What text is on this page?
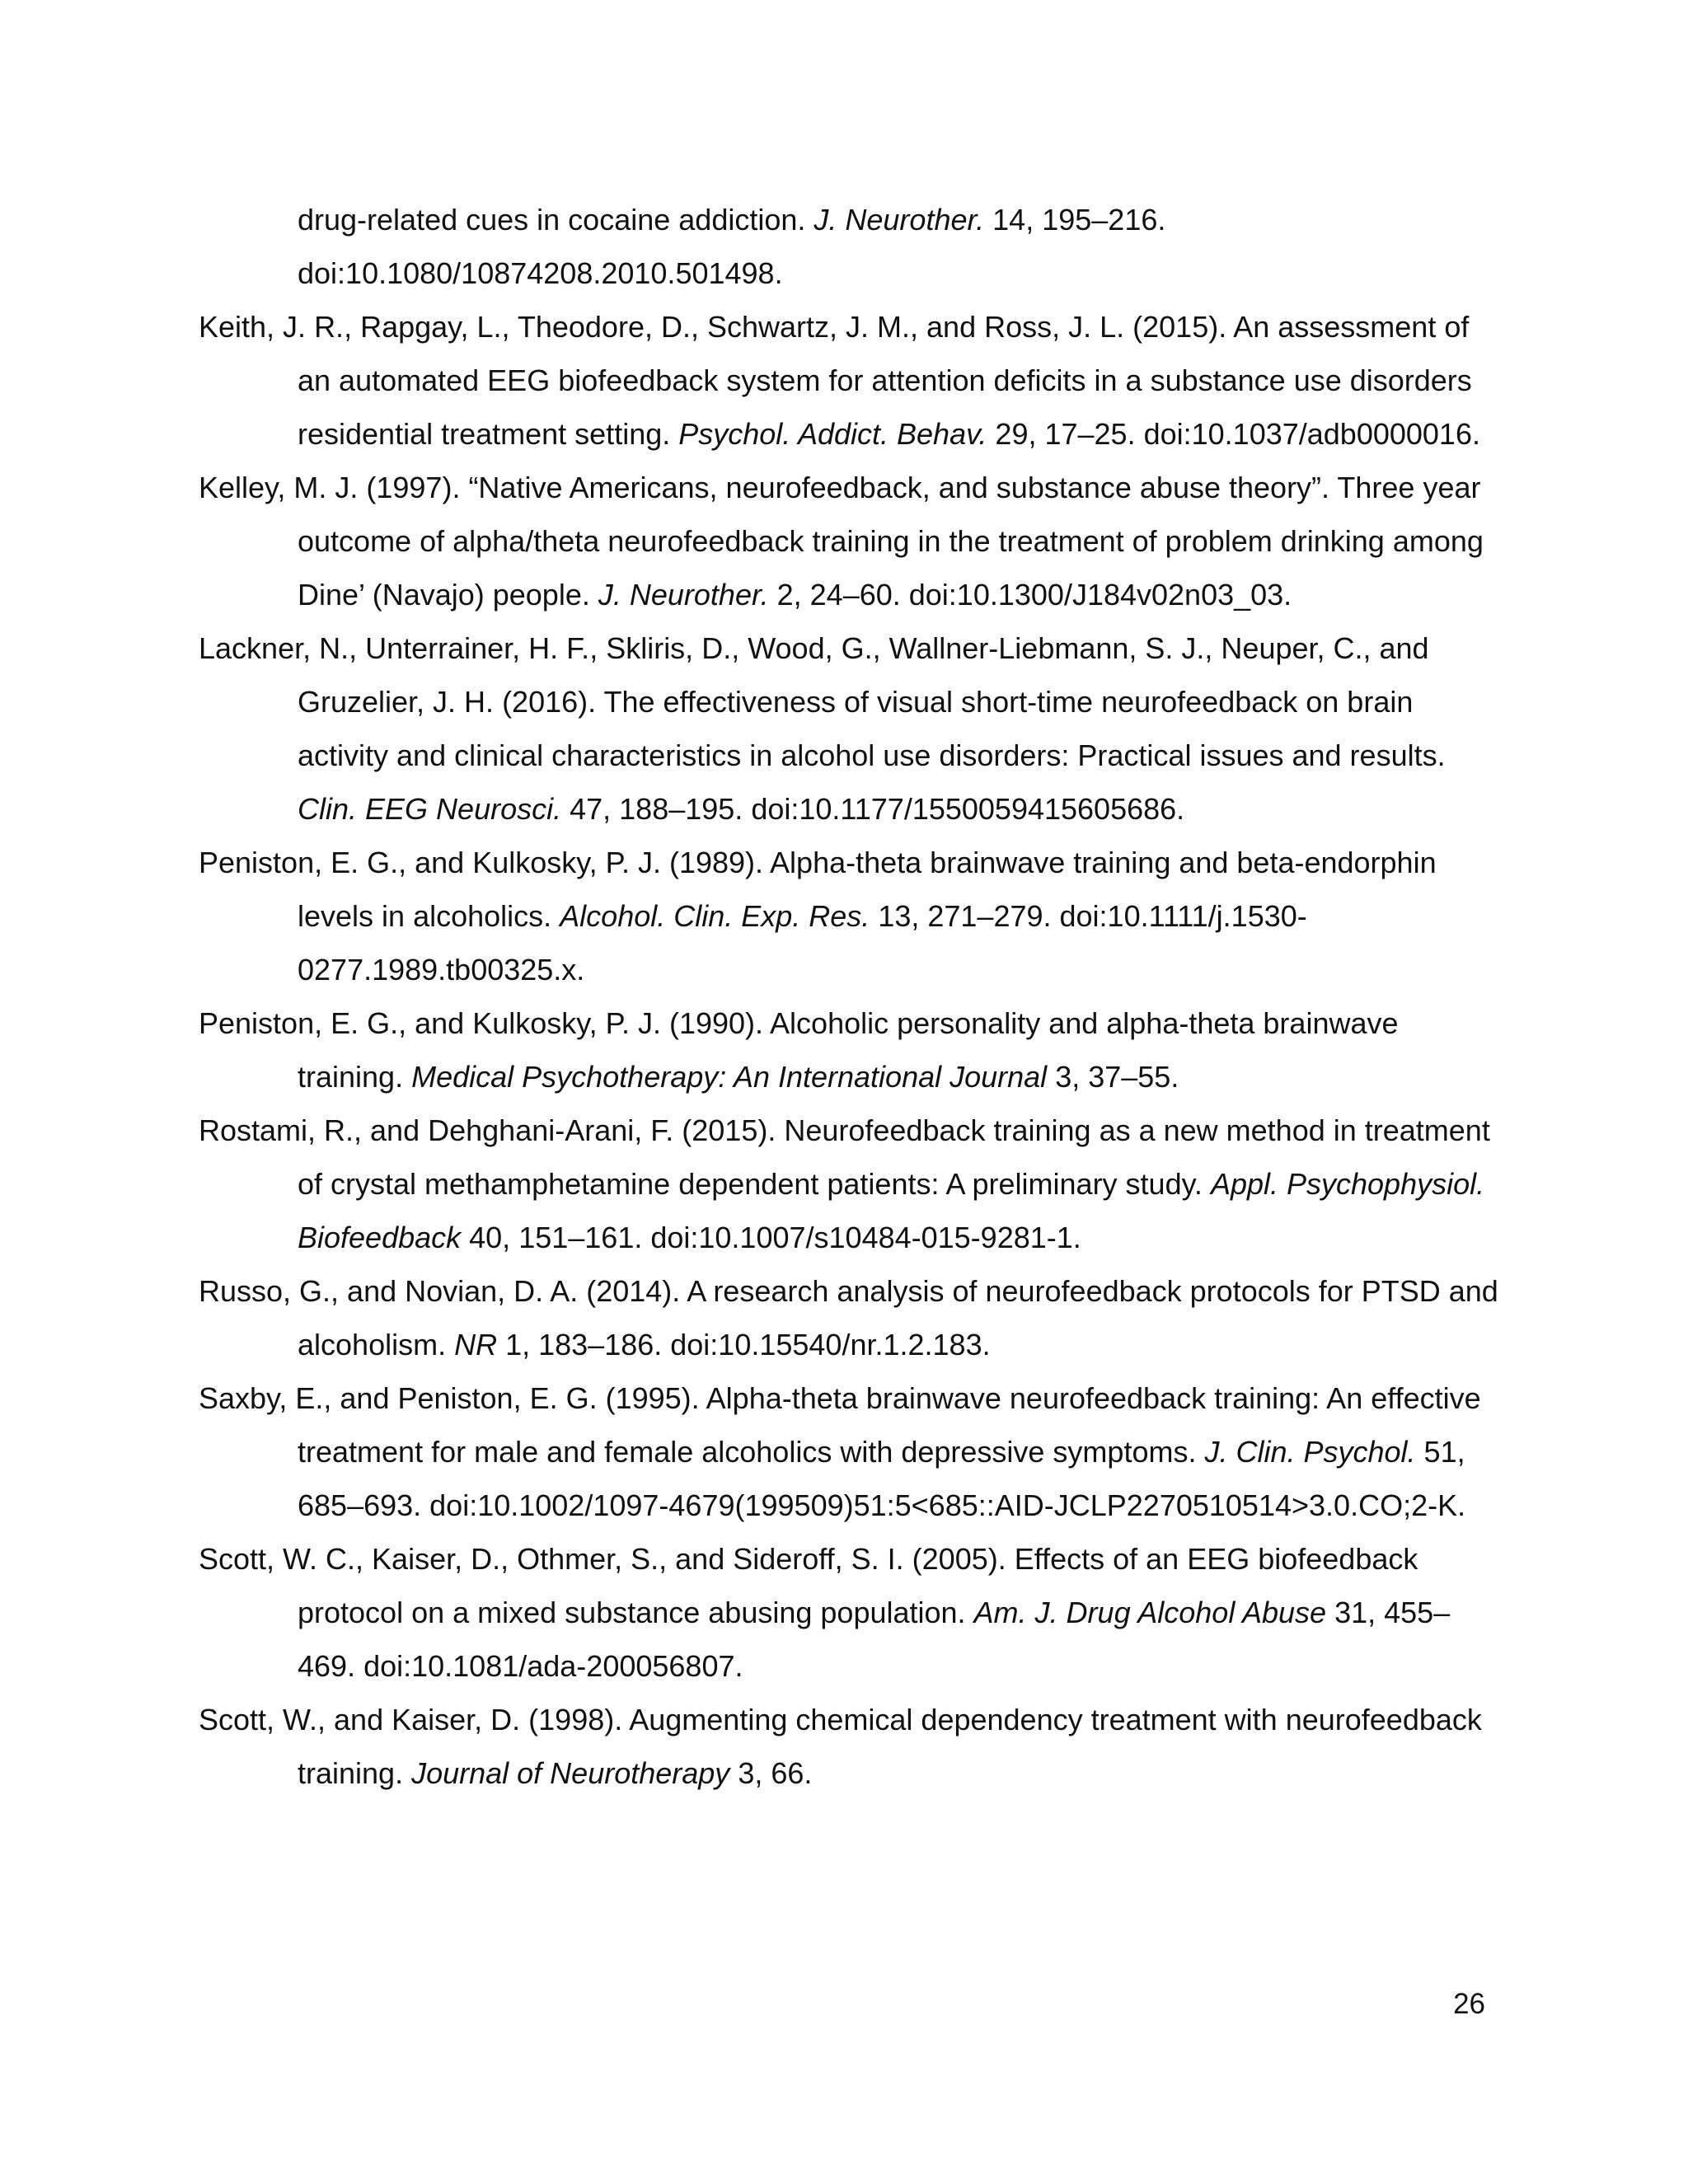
drug-related cues in cocaine addiction. J. Neurother. 14, 195–216. doi:10.1080/10874208.2010.501498.

Keith, J. R., Rapgay, L., Theodore, D., Schwartz, J. M., and Ross, J. L. (2015). An assessment of an automated EEG biofeedback system for attention deficits in a substance use disorders residential treatment setting. Psychol. Addict. Behav. 29, 17–25. doi:10.1037/adb0000016.

Kelley, M. J. (1997). “Native Americans, neurofeedback, and substance abuse theory”. Three year outcome of alpha/theta neurofeedback training in the treatment of problem drinking among Dine’ (Navajo) people. J. Neurother. 2, 24–60. doi:10.1300/J184v02n03_03.

Lackner, N., Unterrainer, H. F., Skliris, D., Wood, G., Wallner-Liebmann, S. J., Neuper, C., and Gruzelier, J. H. (2016). The effectiveness of visual short-time neurofeedback on brain activity and clinical characteristics in alcohol use disorders: Practical issues and results. Clin. EEG Neurosci. 47, 188–195. doi:10.1177/1550059415605686.

Peniston, E. G., and Kulkosky, P. J. (1989). Alpha-theta brainwave training and beta-endorphin levels in alcoholics. Alcohol. Clin. Exp. Res. 13, 271–279. doi:10.1111/j.1530-0277.1989.tb00325.x.

Peniston, E. G., and Kulkosky, P. J. (1990). Alcoholic personality and alpha-theta brainwave training. Medical Psychotherapy: An International Journal 3, 37–55.

Rostami, R., and Dehghani-Arani, F. (2015). Neurofeedback training as a new method in treatment of crystal methamphetamine dependent patients: A preliminary study. Appl. Psychophysiol. Biofeedback 40, 151–161. doi:10.1007/s10484-015-9281-1.

Russo, G., and Novian, D. A. (2014). A research analysis of neurofeedback protocols for PTSD and alcoholism. NR 1, 183–186. doi:10.15540/nr.1.2.183.

Saxby, E., and Peniston, E. G. (1995). Alpha-theta brainwave neurofeedback training: An effective treatment for male and female alcoholics with depressive symptoms. J. Clin. Psychol. 51, 685–693. doi:10.1002/1097-4679(199509)51:5<685::AID-JCLP2270510514>3.0.CO;2-K.

Scott, W. C., Kaiser, D., Othmer, S., and Sideroff, S. I. (2005). Effects of an EEG biofeedback protocol on a mixed substance abusing population. Am. J. Drug Alcohol Abuse 31, 455–469. doi:10.1081/ada-200056807.

Scott, W., and Kaiser, D. (1998). Augmenting chemical dependency treatment with neurofeedback training. Journal of Neurotherapy 3, 66.

26
